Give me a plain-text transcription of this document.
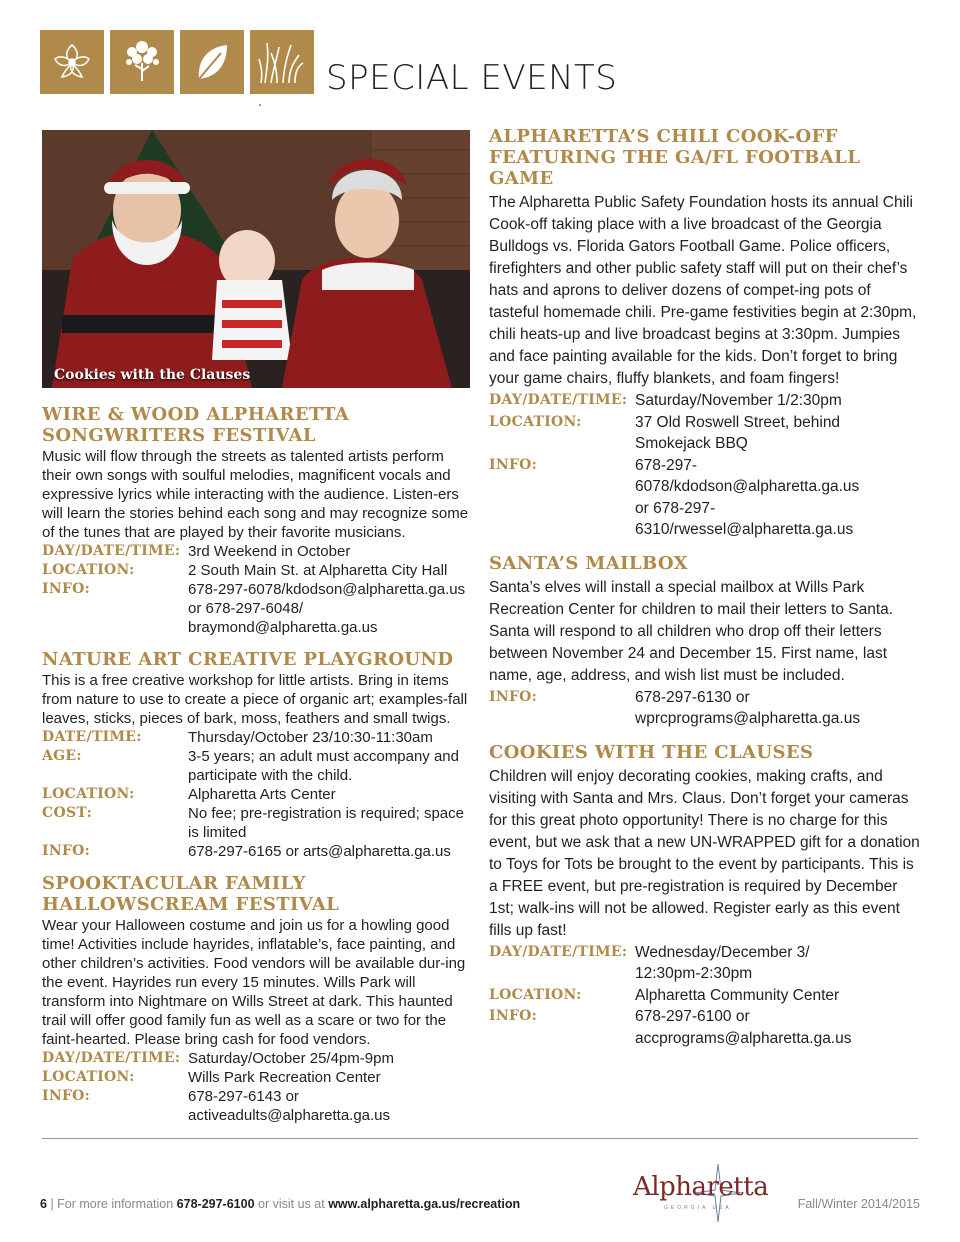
SPECIAL EVENTS
Cookies with the Clauses
WIRE & WOOD ALPHARETTA
SONGWRITERS FESTIVAL
Music will flow through the streets as talented artists perform their own songs with soulful melodies, magnificent vocals and expressive lyrics while interacting with the audience. Listen-ers will learn the stories behind each song and may recognize some of the tunes that are played by their favorite musicians.
DAY/DATE/TIME: 3rd Weekend in October
LOCATION:	2 South Main St. at Alpharetta City Hall
INFO:	678-297-6078/kdodson@alpharetta.ga.us
or 678-297-6048/
braymond@alpharetta.ga.us
NATURE ART CREATIVE PLAYGROUND
This is a free creative workshop for little artists. Bring in items from nature to use to create a piece of organic art; examples-fall leaves, sticks, pieces of bark, moss, feathers and small twigs.
DATE/TIME:	Thursday/October 23/10:30-11:30am
AGE:	3-5 years; an adult must accompany and participate with the child.
LOCATION:	Alpharetta Arts Center
COST:	No fee; pre-registration is required; space is limited
INFO:	678-297-6165 or arts@alpharetta.ga.us
SPOOKTACULAR FAMILY
HALLOWSCREAM FESTIVAL
Wear your Halloween costume and join us for a howling good time! Activities include hayrides, inflatable’s, face painting, and other children’s activities. Food vendors will be available dur-ing the event. Hayrides run every 15 minutes. Wills Park will transform into Nightmare on Wills Street at dark. This haunted trail will offer good family fun as well as a scare or two for the faint-hearted. Please bring cash for food vendors.
DAY/DATE/TIME: Saturday/October 25/4pm-9pm
LOCATION:	Wills Park Recreation Center
INFO:	678-297-6143 or
activeadults@alpharetta.ga.us
ALPHARETTA’S CHILI COOK-OFF
FEATURING THE GA/FL FOOTBALL GAME
The Alpharetta Public Safety Foundation hosts its annual Chili Cook-off taking place with a live broadcast of the Georgia Bulldogs vs. Florida Gators Football Game. Police officers, firefighters and other public safety staff will put on their chef’s hats and aprons to deliver dozens of compet-ing pots of tasteful homemade chili. Pre-game festivities begin at 2:30pm, chili heats-up and live broadcast begins at 3:30pm. Jumpies and face painting available for the kids. Don’t forget to bring your game chairs, fluffy blankets, and foam fingers!
DAY/DATE/TIME: Saturday/November 1/2:30pm
LOCATION:	37 Old Roswell Street, behind
Smokejack BBQ
INFO:	678-297-6078/kdodson@alpharetta.ga.us
or 678-297-6310/rwessel@alpharetta.ga.us
SANTA’S MAILBOX
Santa’s elves will install a special mailbox at Wills Park Recreation Center for children to mail their letters to Santa. Santa will respond to all children who drop off their letters between November 24 and December 15. First name, last name, age, address, and wish list must be included.
INFO:	678-297-6130 or
wprcprograms@alpharetta.ga.us
COOKIES WITH THE CLAUSES
Children will enjoy decorating cookies, making crafts, and visiting with Santa and Mrs. Claus. Don’t forget your cameras for this great photo opportunity! There is no charge for this event, but we ask that a new UN-WRAPPED gift for a donation to Toys for Tots be brought to the event by participants. This is a FREE event, but pre-registration is required by December 1st; walk-ins will not be allowed. Register early as this event fills up fast!
DAY/DATE/TIME: Wednesday/December 3/
12:30pm-2:30pm
LOCATION:	Alpharetta Community Center
INFO:	678-297-6100 or
accprograms@alpharetta.ga.us
6 | For more information 678-297-6100 or visit us at www.alpharetta.ga.us/recreation
Alpharetta
GEORGIA USA	Fall/Winter 2014/2015
